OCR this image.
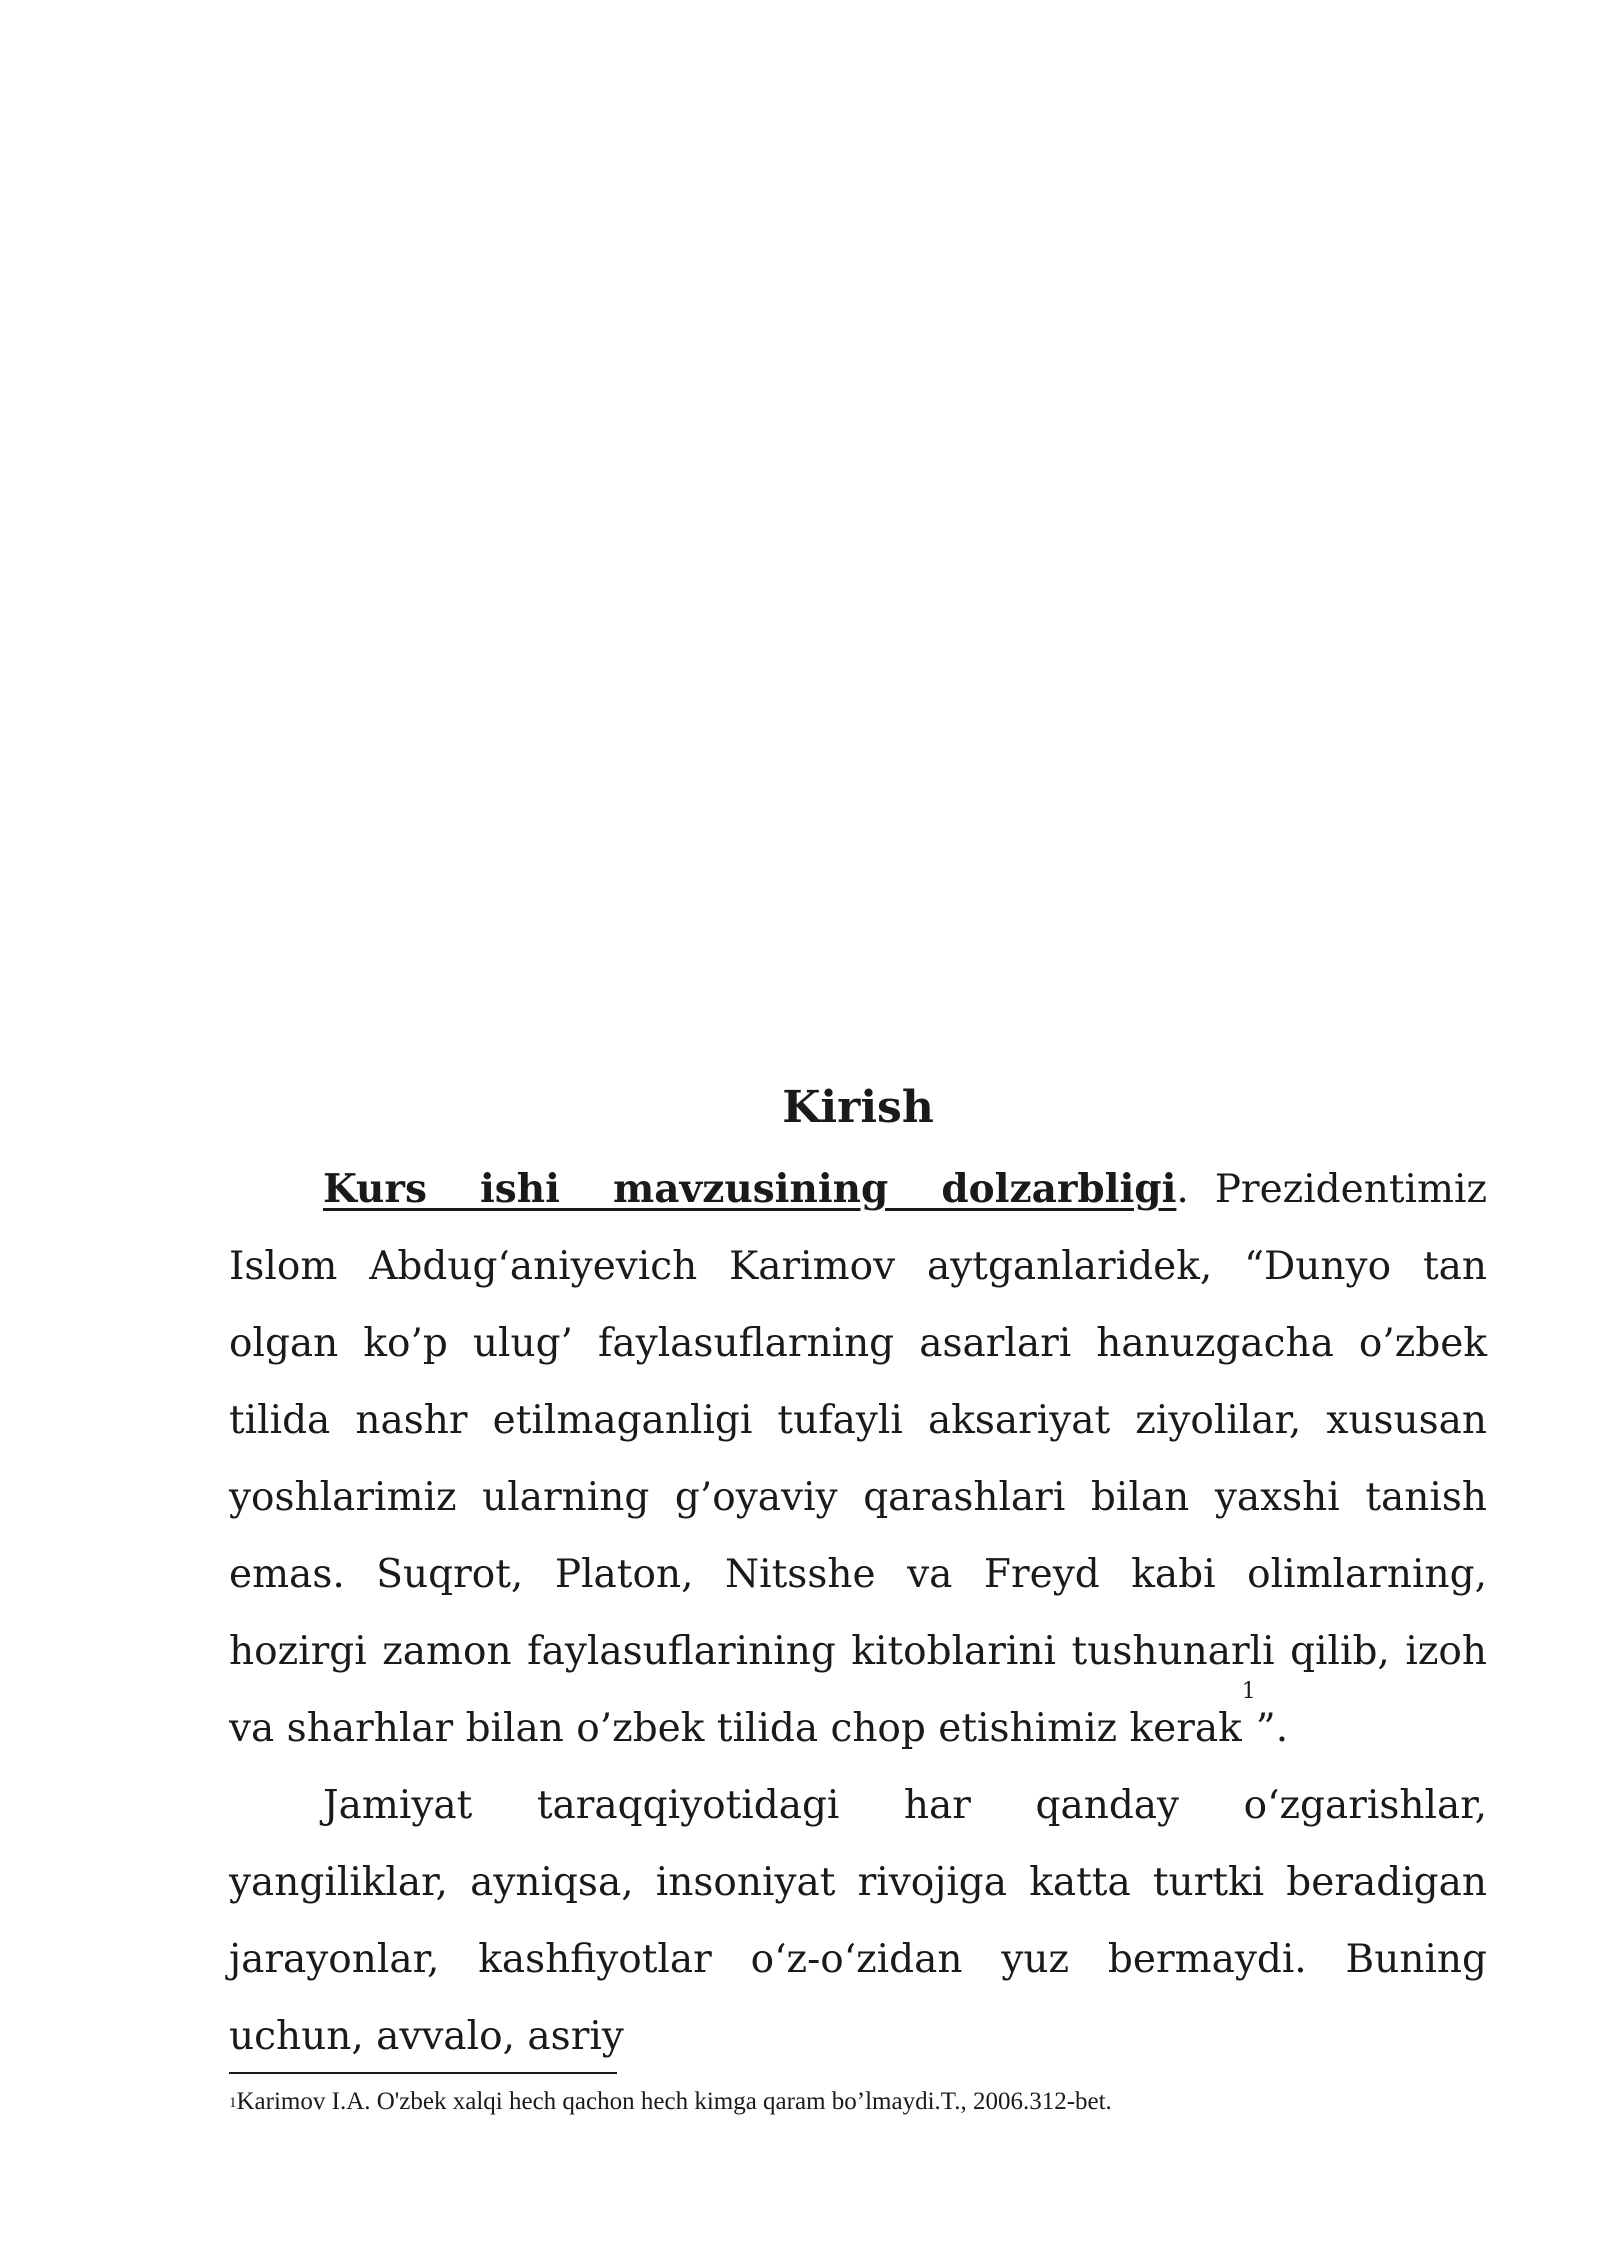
Kirish

Kurs ishi mavzusining dolzarbligi. Prezidentimiz Islom Abdug‘aniyevich Karimov aytganlaridek, “Dunyo tan olgan ko’p ulug’ faylasuflarning asarlari hanuzgacha o’zbek tilida nashr etilmaganligi tufayli aksariyat ziyolilar, xususan yoshlarimiz ularning g’oyaviy qarashlari bilan yaxshi tanish emas. Suqrot, Platon, Nitsshe va Freyd kabi olimlarning, hozirgi zamon faylasuflarining kitoblarini tushunarli qilib, izoh va sharhlar bilan o’zbek tilida chop etishimiz kerak$^1$”.

Jamiyat taraqqiyotidagi har qanday o‘zgarishlar, yangiliklar, ayniqsa, insoniyat rivojiga katta turtki beradigan jarayonlar, kashfiyotlar o‘z-o‘zidan yuz bermaydi. Buning uchun, avvalo, asriy

$^1$Karimov I.A. O'zbek xalqi hech qachon hech kimga qaram bo’lmaydi.T., 2006.312-bet.
